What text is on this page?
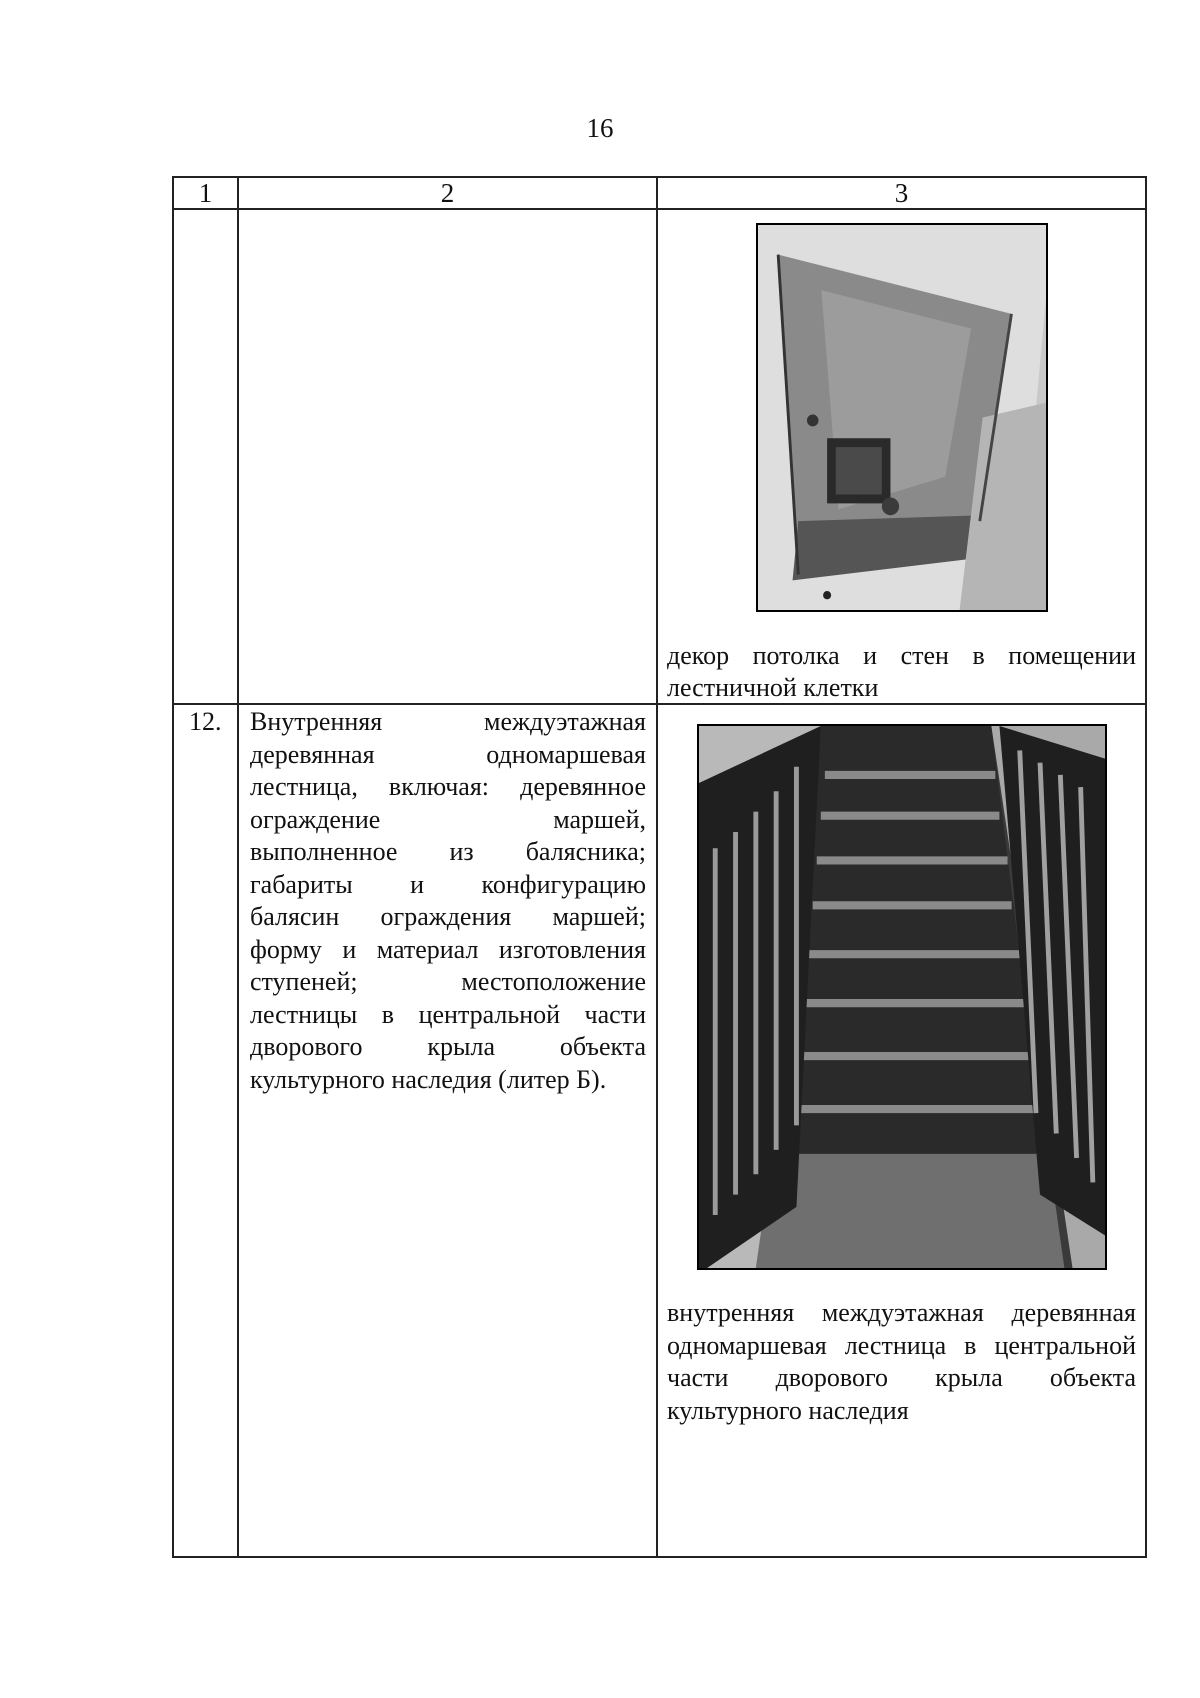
16
1	2	3
декор потолка и стен в помещении
лестничной клетки
12. Внутренняя междуэтажная
деревянная одномаршевая
лестница, включая: деревянное
ограждение маршей,
выполненное из балясника;
габариты и конфигурацию
балясин ограждения маршей;
форму и материал изготовления
ступеней; местоположение
лестницы в центральной части
дворового крыла объекта
культурного наследия (литер Б).
внутренняя междуэтажная деревянная
одномаршевая лестница в центральной
части дворового крыла объекта
культурного наследия
